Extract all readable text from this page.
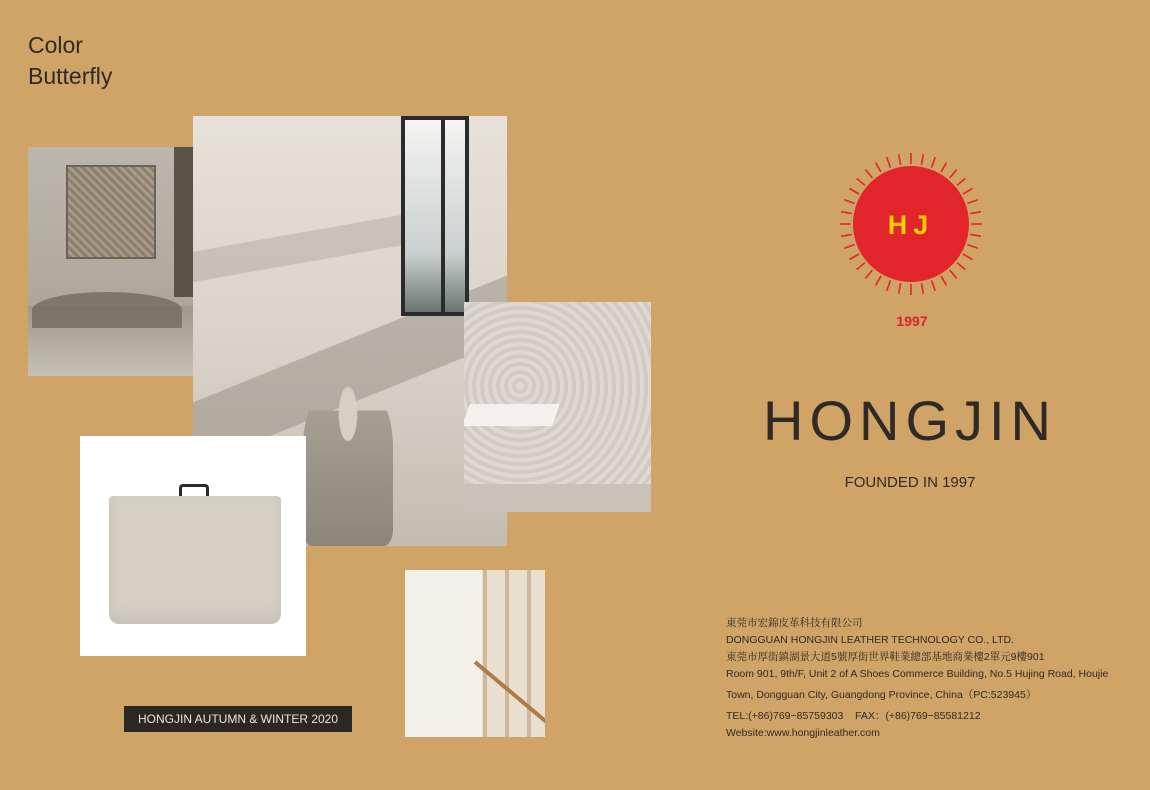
Color
Butterfly
HONGJIN AUTUMN & WINTER 2020
HJ
1997
HONGJIN
FOUNDED IN 1997
東莞市宏錦皮革科技有限公司
DONGGUAN HONGJIN LEATHER TECHNOLOGY CO., LTD.
東莞市厚街鎮湖景大道5號厚街世界鞋業總部基地商業樓2單元9樓901
Room 901, 9th/F, Unit 2 of A Shoes Commerce Building, No.5 Hujing Road, Houjie
Town, Dongguan City, Guangdong Province, China（PC:523945）
TEL:(+86)769−85759303    FAX：(+86)769−85581212
Website:www.hongjinleather.com
